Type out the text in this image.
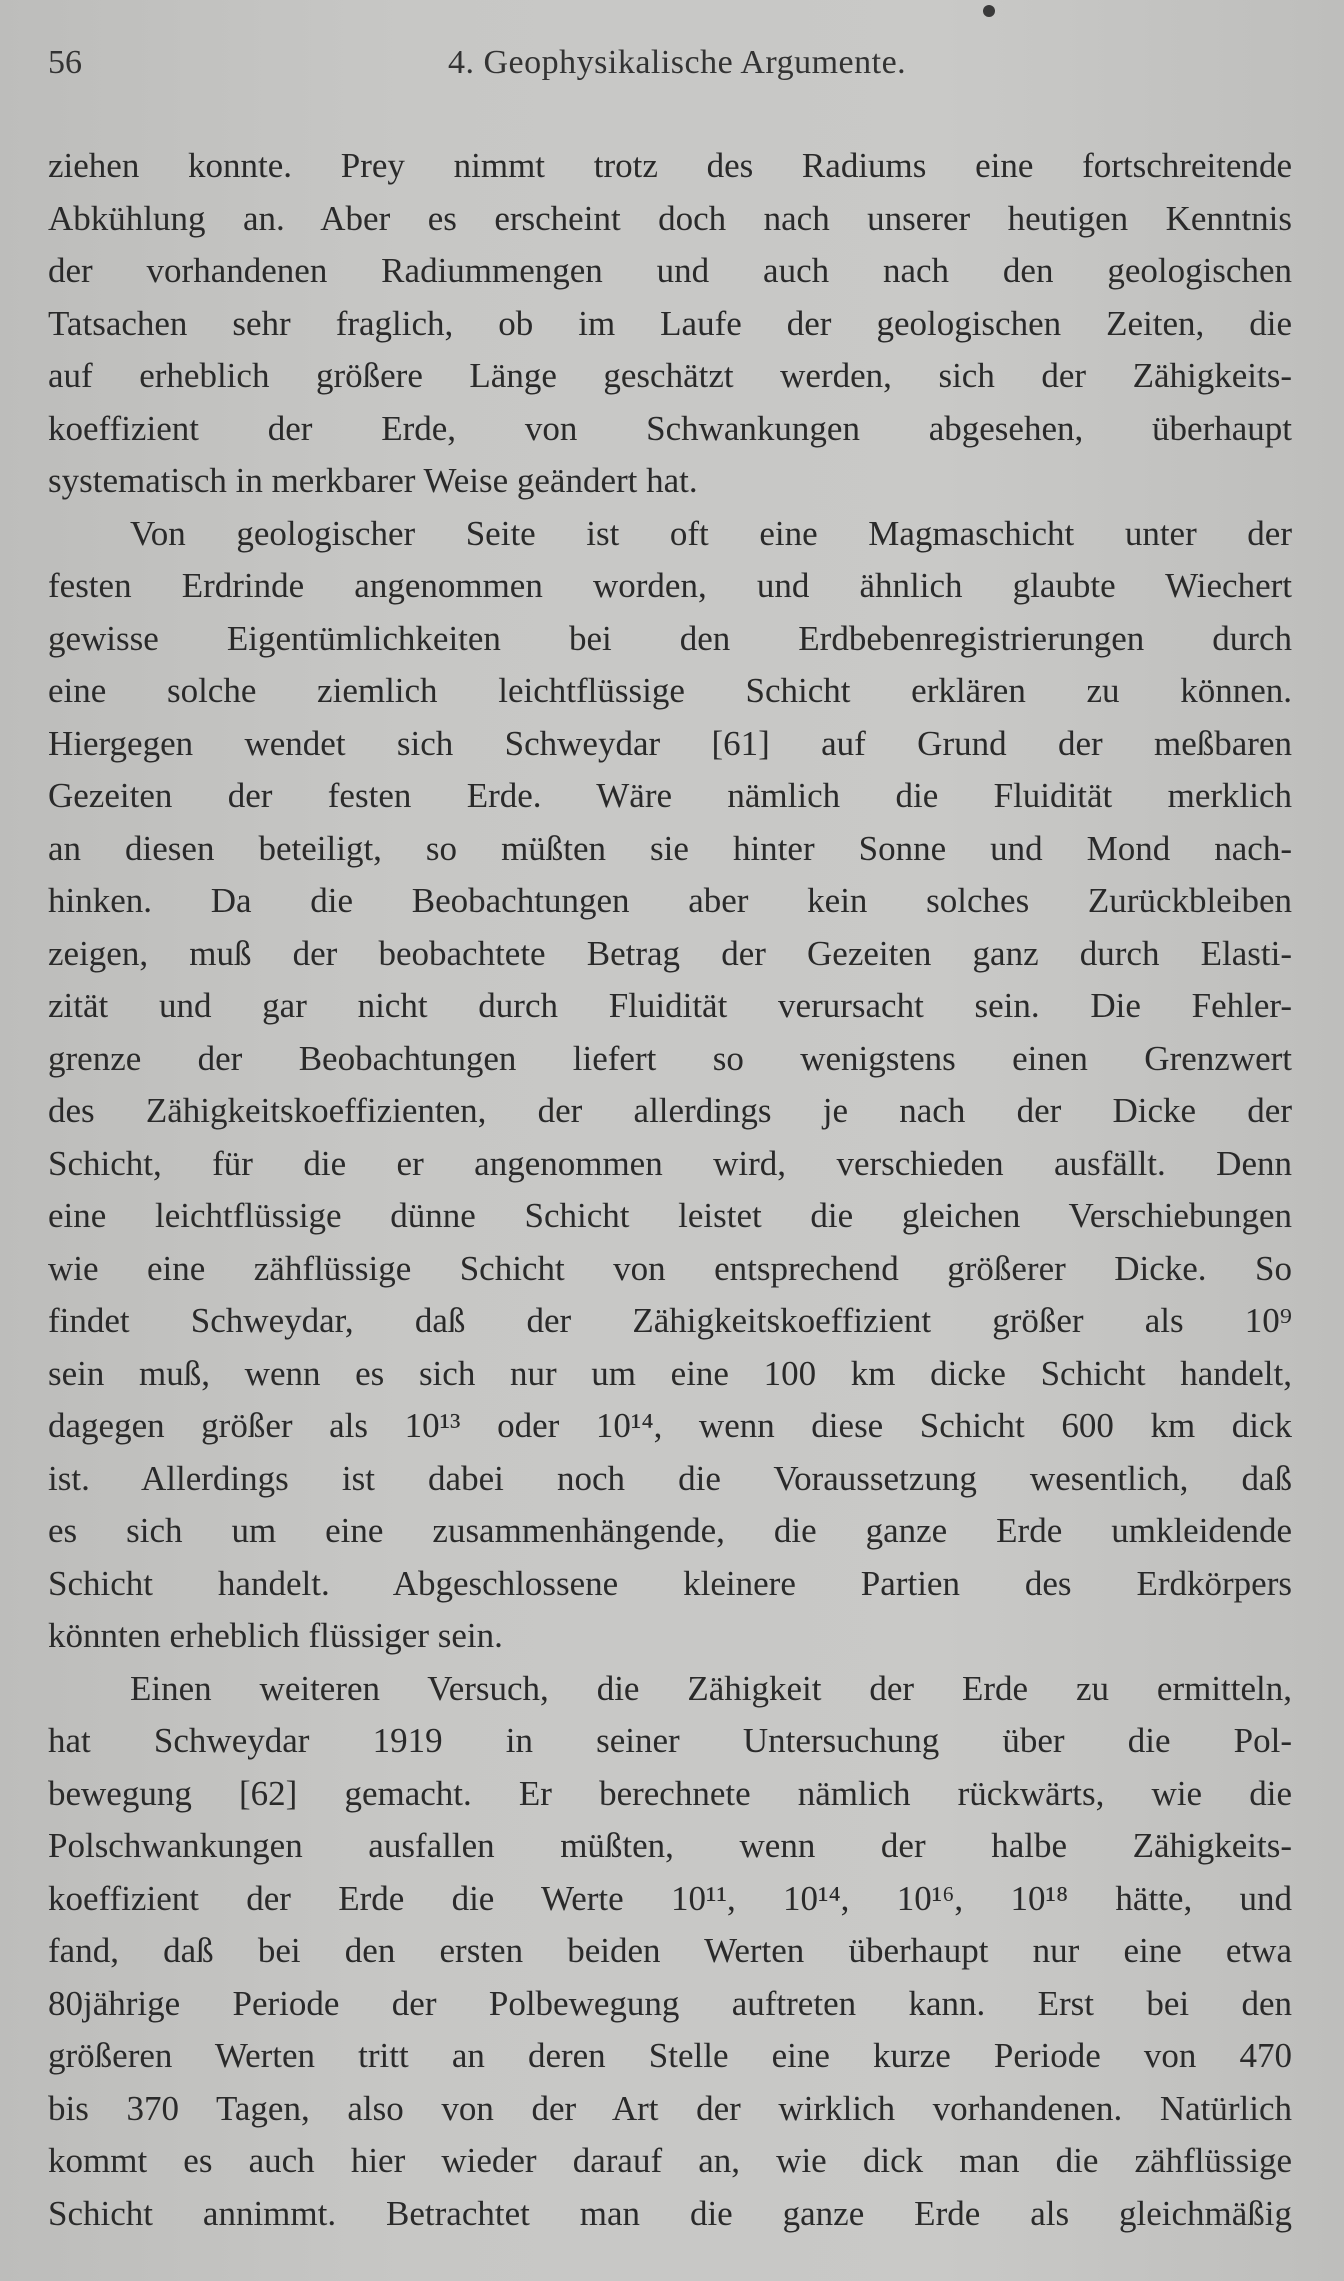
56	4. Geophysikalische Argumente.
ziehen konnte. Prey nimmt trotz des Radiums eine fortschreitende
Abkühlung an. Aber es erscheint doch nach unserer heutigen Kenntnis
der vorhandenen Radiummengen und auch nach den geologischen
Tatsachen sehr fraglich, ob im Laufe der geologischen Zeiten, die
auf erheblich größere Länge geschätzt werden, sich der Zähigkeits-
koeffizient der Erde, von Schwankungen abgesehen, überhaupt
systematisch in merkbarer Weise geändert hat.
Von geologischer Seite ist oft eine Magmaschicht unter der
festen Erdrinde angenommen worden, und ähnlich glaubte Wiechert
gewisse Eigentümlichkeiten bei den Erdbebenregistrierungen durch
eine solche ziemlich leichtflüssige Schicht erklären zu können.
Hiergegen wendet sich Schweydar [61] auf Grund der meßbaren
Gezeiten der festen Erde. Wäre nämlich die Fluidität merklich
an diesen beteiligt, so müßten sie hinter Sonne und Mond nach-
hinken. Da die Beobachtungen aber kein solches Zurückbleiben
zeigen, muß der beobachtete Betrag der Gezeiten ganz durch Elasti-
zität und gar nicht durch Fluidität verursacht sein. Die Fehler-
grenze der Beobachtungen liefert so wenigstens einen Grenzwert
des Zähigkeitskoeffizienten, der allerdings je nach der Dicke der
Schicht, für die er angenommen wird, verschieden ausfällt. Denn
eine leichtflüssige dünne Schicht leistet die gleichen Verschiebungen
wie eine zähflüssige Schicht von entsprechend größerer Dicke. So
findet Schweydar, daß der Zähigkeitskoeffizient größer als 10⁹
sein muß, wenn es sich nur um eine 100 km dicke Schicht handelt,
dagegen größer als 10¹³ oder 10¹⁴, wenn diese Schicht 600 km dick
ist. Allerdings ist dabei noch die Voraussetzung wesentlich, daß
es sich um eine zusammenhängende, die ganze Erde umkleidende
Schicht handelt. Abgeschlossene kleinere Partien des Erdkörpers
könnten erheblich flüssiger sein.
Einen weiteren Versuch, die Zähigkeit der Erde zu ermitteln,
hat Schweydar 1919 in seiner Untersuchung über die Pol-
bewegung [62] gemacht. Er berechnete nämlich rückwärts, wie die
Polschwankungen ausfallen müßten, wenn der halbe Zähigkeits-
koeffizient der Erde die Werte 10¹¹, 10¹⁴, 10¹⁶, 10¹⁸ hätte, und
fand, daß bei den ersten beiden Werten überhaupt nur eine etwa
80jährige Periode der Polbewegung auftreten kann. Erst bei den
größeren Werten tritt an deren Stelle eine kurze Periode von 470
bis 370 Tagen, also von der Art der wirklich vorhandenen. Natürlich
kommt es auch hier wieder darauf an, wie dick man die zähflüssige
Schicht annimmt. Betrachtet man die ganze Erde als gleichmäßig
